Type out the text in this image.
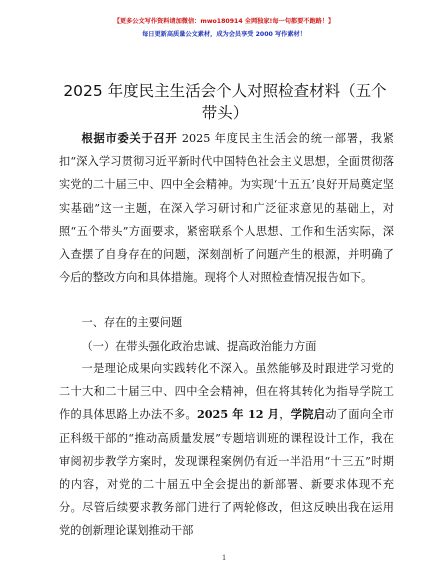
【更多公文写作资料请加微信：mwo180914 全网独家!每一句都要不跑路！】
每日更新高质量公文素材，成为会员享受 2000 写作素材！
2025 年度民主生活会个人对照检查材料（五个带头）

根据市委关于召开 2025 年度民主生活会的统一部署，我紧扣“深入学习贯彻习近平新时代中国特色社会主义思想，全面贯彻落实党的二十届三中、四中全会精神。为实现‘十五五’良好开局奠定坚实基础”这一主题，在深入学习研讨和广泛征求意见的基础上，对照“五个带头”方面要求，紧密联系个人思想、工作和生活实际，深入查摆了自身存在的问题，深刻剖析了问题产生的根源，并明确了今后的整改方向和具体措施。现将个人对照检查情况报告如下。

一、存在的主要问题

（一）在带头强化政治忠诚、提高政治能力方面

一是理论成果向实践转化不深入。虽然能够及时跟进学习党的二十大和二十届三中、四中全会精神，但在将其转化为指导学院工作的具体思路上办法不多。2025 年 12 月，学院启动了面向全市正科级干部的“推动高质量发展”专题培训班的课程设计工作，我在审阅初步教学方案时，发现课程案例仍有近一半沿用“十三五”时期的内容，对党的二十届五中全会提出的新部署、新要求体现不充分。尽管后续要求教务部门进行了两轮修改，但这反映出我在运用党的创新理论谋划推动干部

1
